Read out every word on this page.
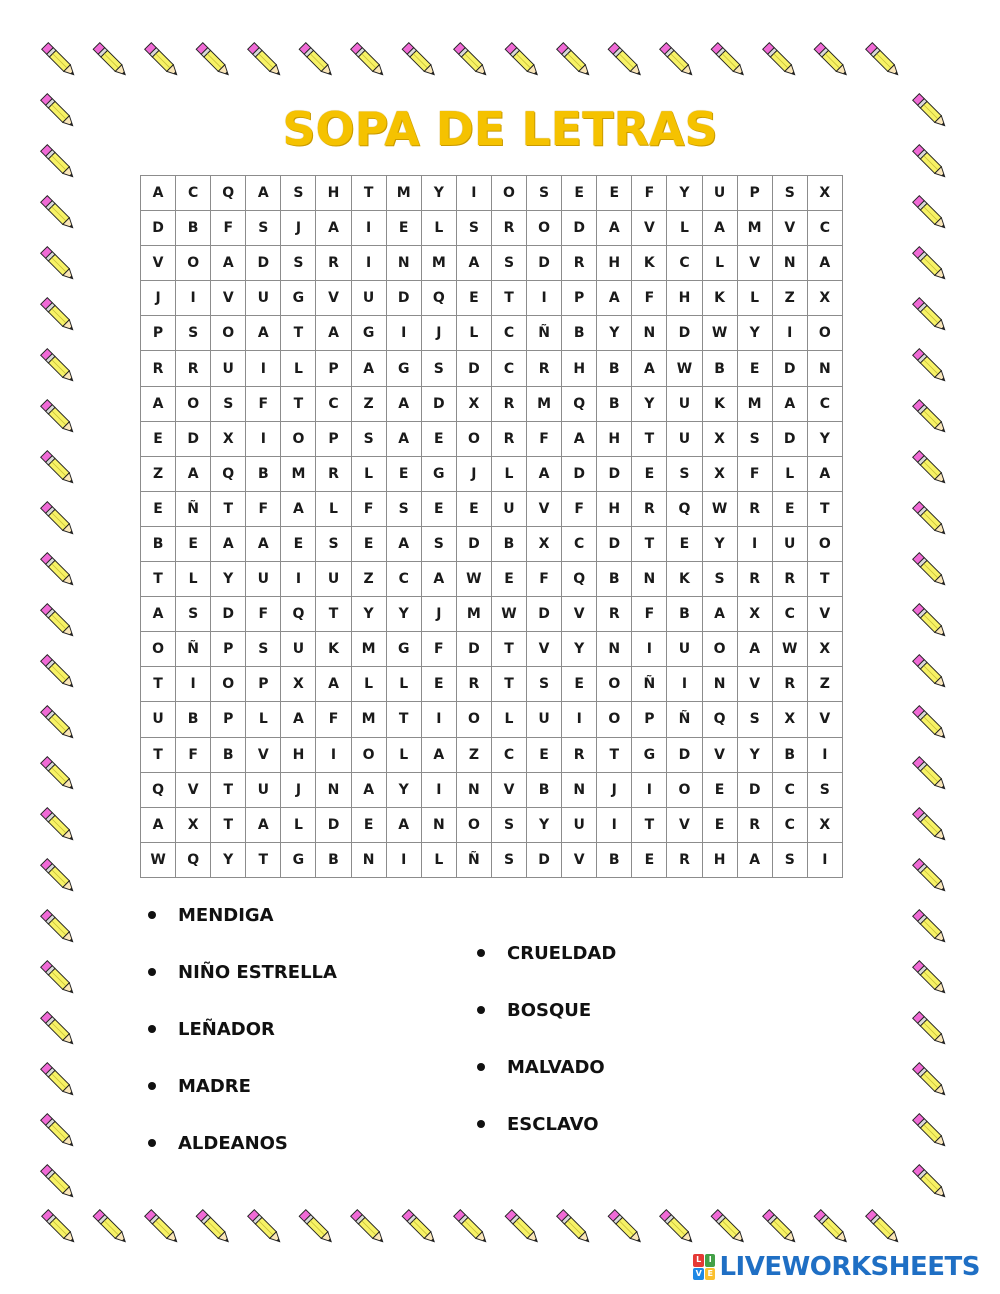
SOPA DE LETRAS
A	C	Q	A	S	H	T	M	Y	I	O	S	E	E	F	Y	U	P	S	X
D	B	F	S	J	A	I	E	L	S	R	O	D	A	V	L	A	M	V	C
V	O	A	D	S	R	I	N	M	A	S	D	R	H	K	C	L	V	N	A
J	I	V	U	G	V	U	D	Q	E	T	I	P	A	F	H	K	L	Z	X
P	S	O	A	T	A	G	I	J	L	C	Ñ	B	Y	N	D	W	Y	I	O
R	R	U	I	L	P	A	G	S	D	C	R	H	B	A	W	B	E	D	N
A	O	S	F	T	C	Z	A	D	X	R	M	Q	B	Y	U	K	M	A	C
E	D	X	I	O	P	S	A	E	O	R	F	A	H	T	U	X	S	D	Y
Z	A	Q	B	M	R	L	E	G	J	L	A	D	D	E	S	X	F	L	A
E	Ñ	T	F	A	L	F	S	E	E	U	V	F	H	R	Q	W	R	E	T
B	E	A	A	E	S	E	A	S	D	B	X	C	D	T	E	Y	I	U	O
T	L	Y	U	I	U	Z	C	A	W	E	F	Q	B	N	K	S	R	R	T
A	S	D	F	Q	T	Y	Y	J	M	W	D	V	R	F	B	A	X	C	V
O	Ñ	P	S	U	K	M	G	F	D	T	V	Y	N	I	U	O	A	W	X
T	I	O	P	X	A	L	L	E	R	T	S	E	O	Ñ	I	N	V	R	Z
U	B	P	L	A	F	M	T	I	O	L	U	I	O	P	Ñ	Q	S	X	V
T	F	B	V	H	I	O	L	A	Z	C	E	R	T	G	D	V	Y	B	I
Q	V	T	U	J	N	A	Y	I	N	V	B	N	J	I	O	E	D	C	S
A	X	T	A	L	D	E	A	N	O	S	Y	U	I	T	V	E	R	C	X
W	Q	Y	T	G	B	N	I	L	Ñ	S	D	V	B	E	R	H	A	S	I
MENDIGA
NIÑO ESTRELLA
LEÑADOR
MADRE
ALDEANOS
CRUELDAD
BOSQUE
MALVADO
ESCLAVO
L I
V E LIVEWORKSHEETS
